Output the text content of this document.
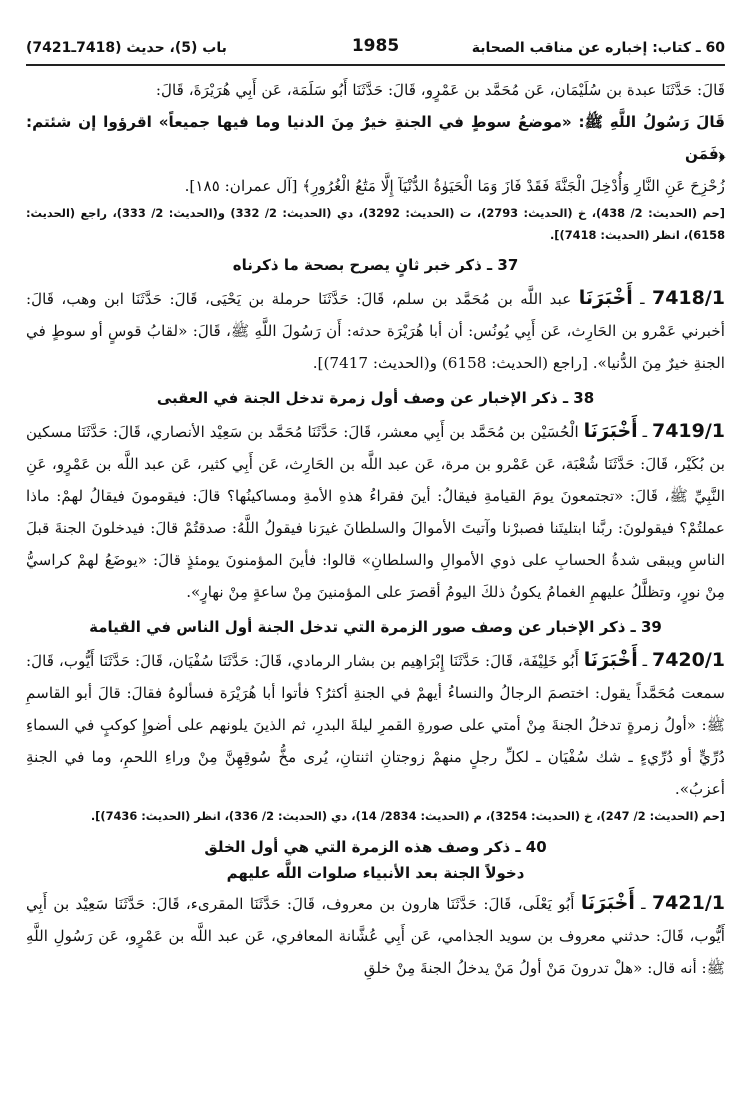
باب (5)، حديث (7418ـ7421)	1985	60 ـ كتاب: إخباره عن مناقب الصحابة

قَالَ: حَدَّثَنَا عبدة بن سُلَيْمَان، عَن مُحَمَّد بن عَمْرٍو، قَالَ: حَدَّثَنَا أَبُو سَلَمَة، عَن أَبِي هُرَيْرَةَ، قَالَ:

قَالَ رَسُولُ اللَّهِ ﷺ: «موضعُ سوطٍ في الجنةِ خيرٌ مِنَ الدنيا وما فيها جميعاً» اقرؤوا إن شئتم: ﴿فَمَن

زُحْزِحَ عَنِ النَّارِ وَأُدْخِلَ الْجَنَّةَ فَقَدْ فَازَ وَمَا الْحَيَوٰةُ الدُّنْيَآ إِلَّا مَتَٰعُ الْغُرُورِ﴾ [آل عمران: ١٨٥].

[حم (الحديث: 2/ 438)، خ (الحديث: 2793)، ت (الحديث: 3292)، دي (الحديث: 2/ 332) و(الحديث: 2/ 333)، راجع (الحديث: 6158)، انظر (الحديث: 7418)].

37 ـ ذكر خبر ثانٍ يصرح بصحة ما ذكرناه

7418/1 ـ أَخْبَرَنَا عبد اللَّه بن مُحَمَّد بن سلم، قَالَ: حَدَّثَنَا حرملة بن يَحْيَى، قَالَ: حَدَّثَنَا ابن وهب، قَالَ: أخبرني عَمْرو بن الحَارِث، عَن أَبِي يُونُس: أن أبا هُرَيْرَة حدثه: أَن رَسُولَ اللَّهِ ﷺ، قَالَ: «لقابُ قوسٍ أو سوطٍ في الجنةِ خيرٌ مِنَ الدُّنيا». [راجع (الحديث: 6158) و(الحديث: 7417)].

38 ـ ذكر الإخبار عن وصف أول زمرة تدخل الجنة في العقبى

7419/1 ـ أَخْبَرَنَا الْحُسَيْن بن مُحَمَّد بن أَبِي معشر، قَالَ: حَدَّثَنَا مُحَمَّد بن سَعِيْد الأنصاري، قَالَ: حَدَّثَنَا مسكين بن بُكَيْر، قَالَ: حَدَّثَنَا شُعْبَة، عَن عَمْرو بن مرة، عَن عبد اللَّه بن الحَارِث، عَن أَبِي كثير، عَن عبد اللَّه بن عَمْرٍو، عَنِ النَّبِيِّ ﷺ، قَالَ: «تجتمعونَ يومَ القيامةِ فيقالُ: أينَ فقراءُ هذهِ الأمةِ ومساكينُها؟ قالَ: فيقومونَ فيقالُ لهمْ: ماذا عملتُمْ؟ فيقولونَ: ربَّنا ابتليتَنا فصبرْنا وآتيتَ الأموالَ والسلطانَ غيرَنا فيقولُ اللَّهُ: صدقتُمْ قالَ: فيدخلونَ الجنةَ قبلَ الناسِ ويبقى شدةُ الحسابِ على ذوي الأموالِ والسلطانِ» قالوا: فأينَ المؤمنونَ يومئذٍ قالَ: «يوضَعُ لهمْ كراسيُّ مِنْ نورٍ، وتظلَّلُ عليهمِ الغمامُ يكونُ ذلكَ اليومُ أقصرَ على المؤمنينَ مِنْ ساعةٍ مِنْ نهارٍ».

39 ـ ذكر الإخبار عن وصف صور الزمرة التي تدخل الجنة أول الناس في القيامة

7420/1 ـ أَخْبَرَنَا أَبُو خَلِيْفَة، قَالَ: حَدَّثَنَا إِبْرَاهِيم بن بشار الرمادي، قَالَ: حَدَّثَنَا سُفْيَان، قَالَ: حَدَّثَنَا أَيُّوب، قَالَ: سمعت مُحَمَّداً يقول: اختصمَ الرجالُ والنساءُ أيهمْ في الجنةِ أكثرُ؟ فأتوا أبا هُرَيْرَة فسألوهُ فقالَ: قالَ أبو القاسمِ ﷺ: «أولُ زمرةٍ تدخلُ الجنةَ مِنْ أمتي على صورةِ القمرِ ليلةَ البدرِ، ثم الذينَ يلونهم على أضوإِ كوكبٍ في السماءِ دُرِّيٍّ أو دُرِّيءٍ ـ شك سُفْيَان ـ لكلِّ رجلٍ منهمْ زوجتانِ اثنتانِ، يُرى مخُّ سُوقِهِنَّ مِنْ وراءِ اللحمِ، وما في الجنةِ أعزبُ».

[حم (الحديث: 2/ 247)، خ (الحديث: 3254)، م (الحديث: 2834/ 14)، دي (الحديث: 2/ 336)، انظر (الحديث: 7436)].

40 ـ ذكر وصف هذه الزمرة التي هي أول الخلق
دخولاً الجنة بعد الأنبياء صلوات اللَّه عليهم

7421/1 ـ أَخْبَرَنَا أَبُو يَعْلَى، قَالَ: حَدَّثَنَا هارون بن معروف، قَالَ: حَدَّثَنَا المقرىء، قَالَ: حَدَّثَنَا سَعِيْد بن أَبِي أَيُّوب، قَالَ: حدثني معروف بن سويد الجذامي، عَن أَبِي عُشَّانة المعافري، عَن عبد اللَّه بن عَمْرٍو، عَن رَسُولِ اللَّهِ ﷺ: أنه قال: «هلْ تدرونَ مَنْ أولُ مَنْ يدخلُ الجنةَ مِنْ خلقِ
